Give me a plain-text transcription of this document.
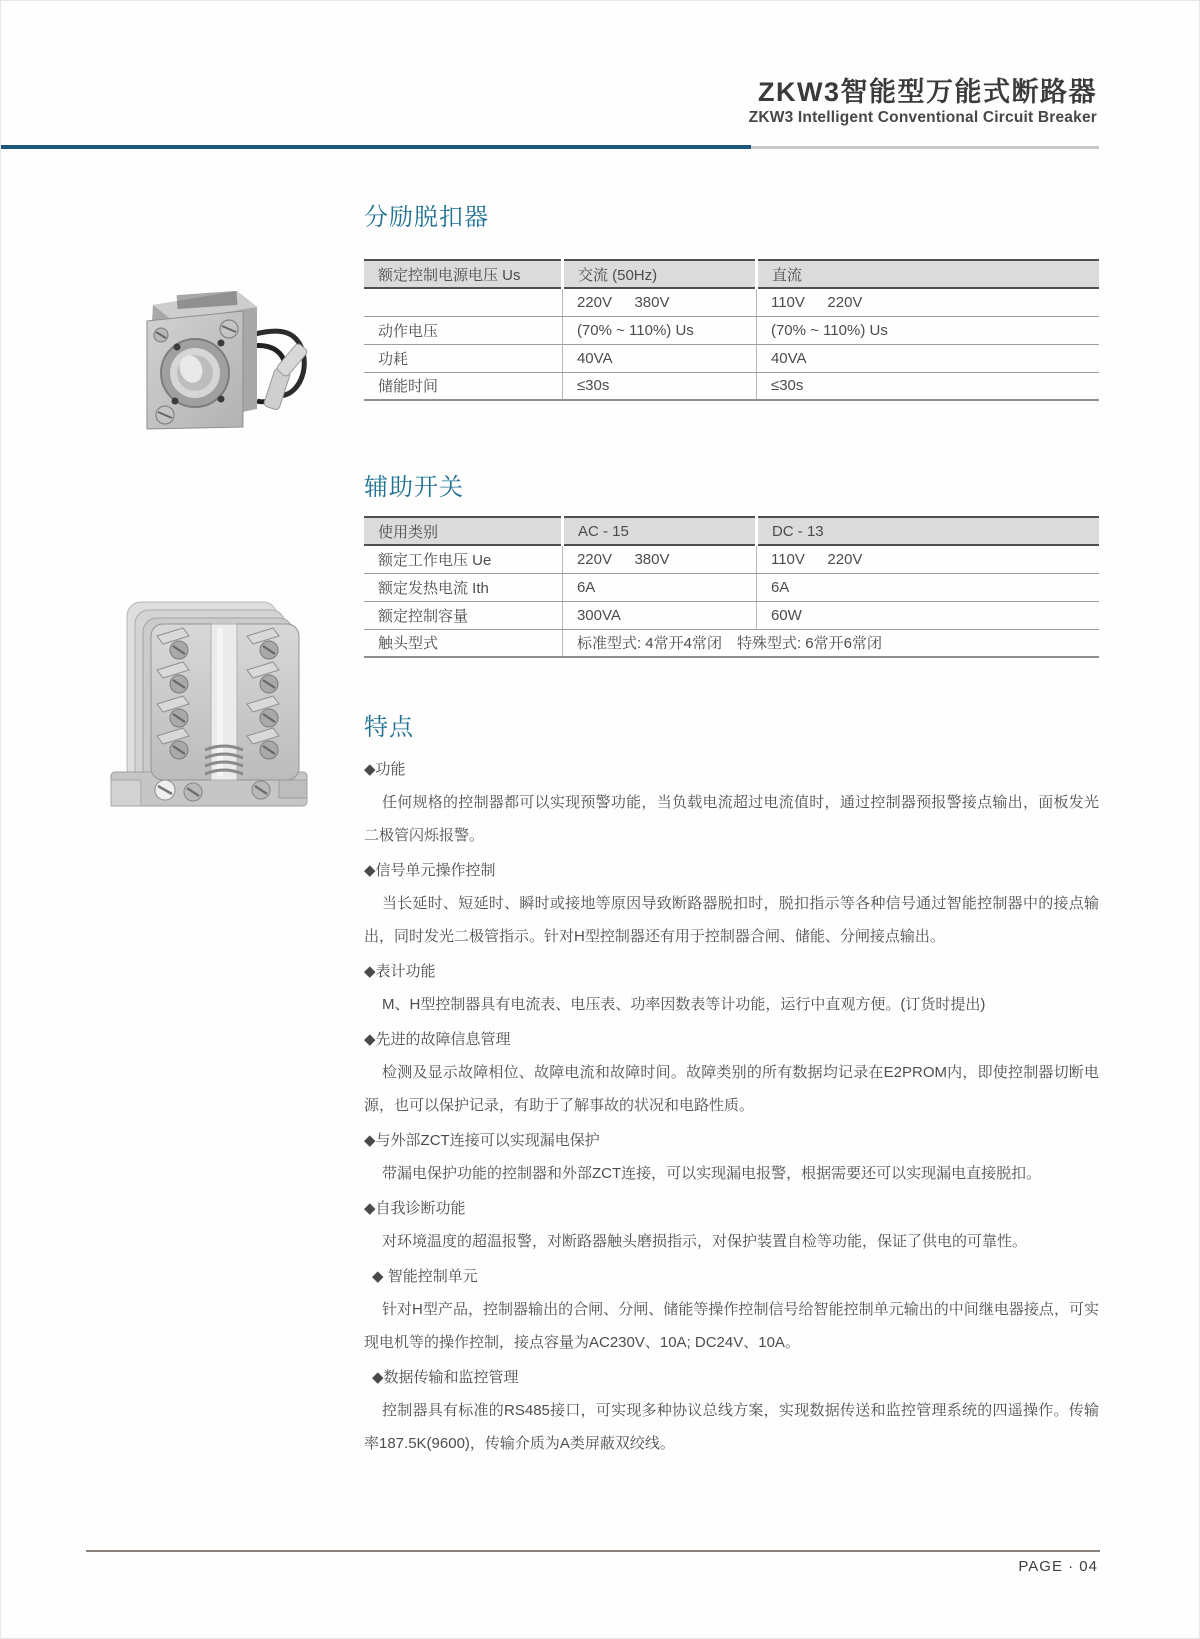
ZKW3智能型万能式断路器
ZKW3 Intelligent Conventional Circuit Breaker
分励脱扣器
额定控制电源电压 Us	交流 (50Hz)	直流
	220V  380V	110V  220V
动作电压	(70% ~ 110%) Us	(70% ~ 110%) Us
功耗	40VA	40VA
储能时间	≤30s	≤30s
辅助开关
使用类别	AC - 15	DC - 13
额定工作电压 Ue	220V  380V	110V  220V
额定发热电流 Ith	6A	6A
额定控制容量	300VA	60W
触头型式	标准型式: 4常开4常闭 特殊型式: 6常开6常闭	
特点
◆功能

任何规格的控制器都可以实现预警功能，当负载电流超过电流值时，通过控制器预报警接点输出，面板发光二极管闪烁报警。

◆信号单元操作控制

当长延时、短延时、瞬时或接地等原因导致断路器脱扣时，脱扣指示等各种信号通过智能控制器中的接点输出，同时发光二极管指示。针对H型控制器还有用于控制器合闸、储能、分闸接点输出。

◆表计功能

M、H型控制器具有电流表、电压表、功率因数表等计功能，运行中直观方便。(订货时提出)

◆先进的故障信息管理

检测及显示故障相位、故障电流和故障时间。故障类别的所有数据均记录在E2PROM内，即使控制器切断电源，也可以保护记录，有助于了解事故的状况和电路性质。

◆与外部ZCT连接可以实现漏电保护

带漏电保护功能的控制器和外部ZCT连接，可以实现漏电报警，根据需要还可以实现漏电直接脱扣。

◆自我诊断功能

对环境温度的超温报警，对断路器触头磨损指示，对保护装置自检等功能，保证了供电的可靠性。

◆ 智能控制单元

针对H型产品，控制器输出的合闸、分闸、储能等操作控制信号给智能控制单元输出的中间继电器接点，可实现电机等的操作控制，接点容量为AC230V、10A; DC24V、10A。

◆数据传输和监控管理

控制器具有标准的RS485接口，可实现多种协议总线方案，实现数据传送和监控管理系统的四遥操作。传输率187.5K(9600)，传输介质为A类屏蔽双绞线。

PAGE · 04
